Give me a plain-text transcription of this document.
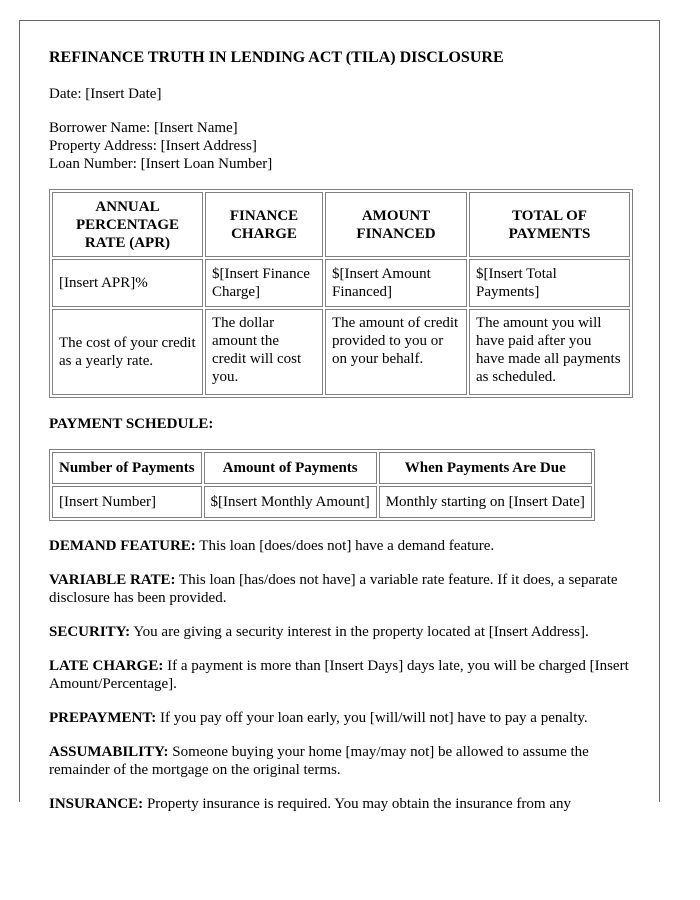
REFINANCE TRUTH IN LENDING ACT (TILA) DISCLOSURE

Date: [Insert Date]

Borrower Name: [Insert Name]

Property Address: [Insert Address]

Loan Number: [Insert Loan Number]

ANNUAL PERCENTAGE RATE (APR)	FINANCE CHARGE	AMOUNT FINANCED	TOTAL OF PAYMENTS
[Insert APR]%	$[Insert Finance Charge]	$[Insert Amount Financed]	$[Insert Total Payments]
The cost of your credit as a yearly rate.	The dollar amount the credit will cost you.	The amount of credit provided to you or on your behalf.	The amount you will have paid after you have made all payments as scheduled.
PAYMENT SCHEDULE:
Number of Payments	Amount of Payments	When Payments Are Due
[Insert Number]	$[Insert Monthly Amount]	Monthly starting on [Insert Date]

DEMAND FEATURE: This loan [does/does not] have a demand feature.

VARIABLE RATE: This loan [has/does not have] a variable rate feature. If it does, a separate disclosure has been provided.

SECURITY: You are giving a security interest in the property located at [Insert Address].

LATE CHARGE: If a payment is more than [Insert Days] days late, you will be charged [Insert Amount/Percentage].

PREPAYMENT: If you pay off your loan early, you [will/will not] have to pay a penalty.

ASSUMABILITY: Someone buying your home [may/may not] be allowed to assume the remainder of the mortgage on the original terms.

INSURANCE: Property insurance is required. You may obtain the insurance from any
